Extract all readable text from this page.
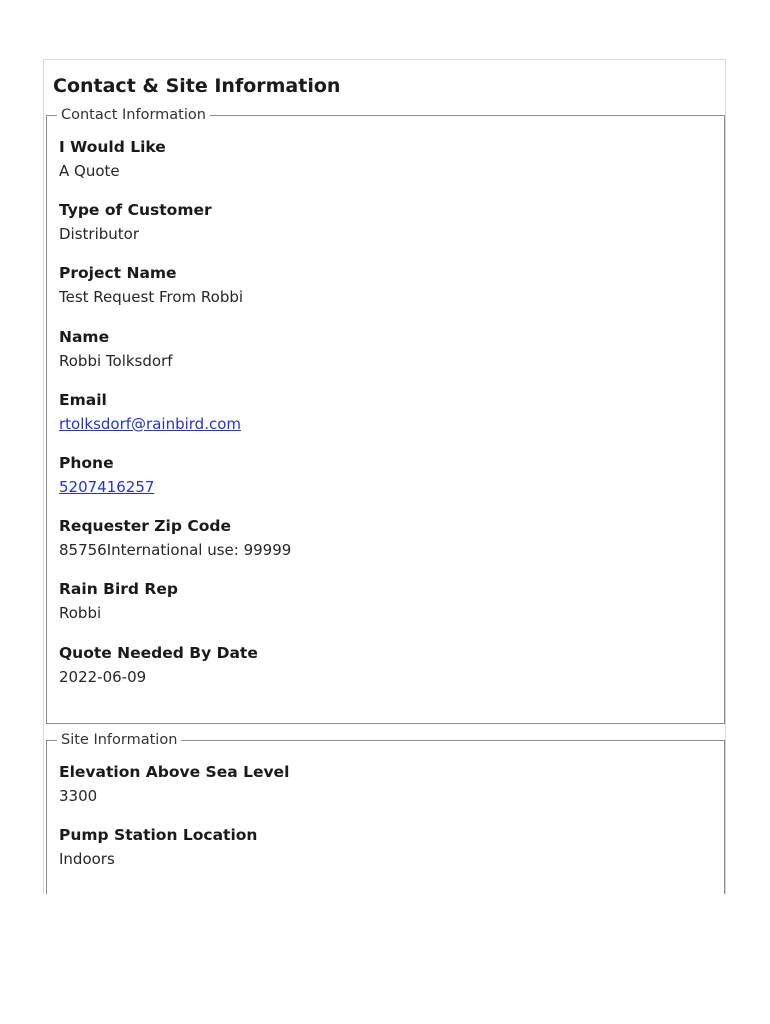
Contact & Site Information
Contact Information
I Would Like
A Quote
Type of Customer
Distributor
Project Name
Test Request From Robbi
Name
Robbi Tolksdorf
Email
rtolksdorf@rainbird.com
Phone
5207416257
Requester Zip Code
85756International use: 99999
Rain Bird Rep
Robbi
Quote Needed By Date
2022-06-09
Site Information
Elevation Above Sea Level
3300
Pump Station Location
Indoors
